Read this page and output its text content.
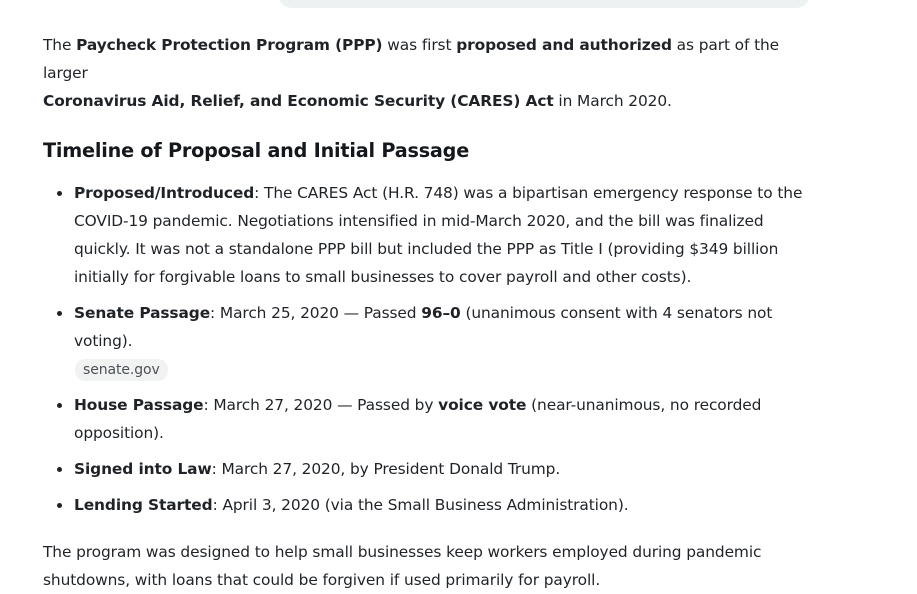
The Paycheck Protection Program (PPP) was first proposed and authorized as part of the larger
Coronavirus Aid, Relief, and Economic Security (CARES) Act in March 2020.

Timeline of Proposal and Initial Passage
Proposed/Introduced: The CARES Act (H.R. 748) was a bipartisan emergency response to the COVID-19 pandemic. Negotiations intensified in mid-March 2020, and the bill was finalized quickly. It was not a standalone PPP bill but included the PPP as Title I (providing $349 billion initially for forgivable loans to small businesses to cover payroll and other costs).
Senate Passage: March 25, 2020 — Passed 96–0 (unanimous consent with 4 senators not voting).
senate.gov
House Passage: March 27, 2020 — Passed by voice vote (near-unanimous, no recorded opposition).
Signed into Law: March 27, 2020, by President Donald Trump.
Lending Started: April 3, 2020 (via the Small Business Administration).

The program was designed to help small businesses keep workers employed during pandemic shutdowns, with loans that could be forgiven if used primarily for payroll.
